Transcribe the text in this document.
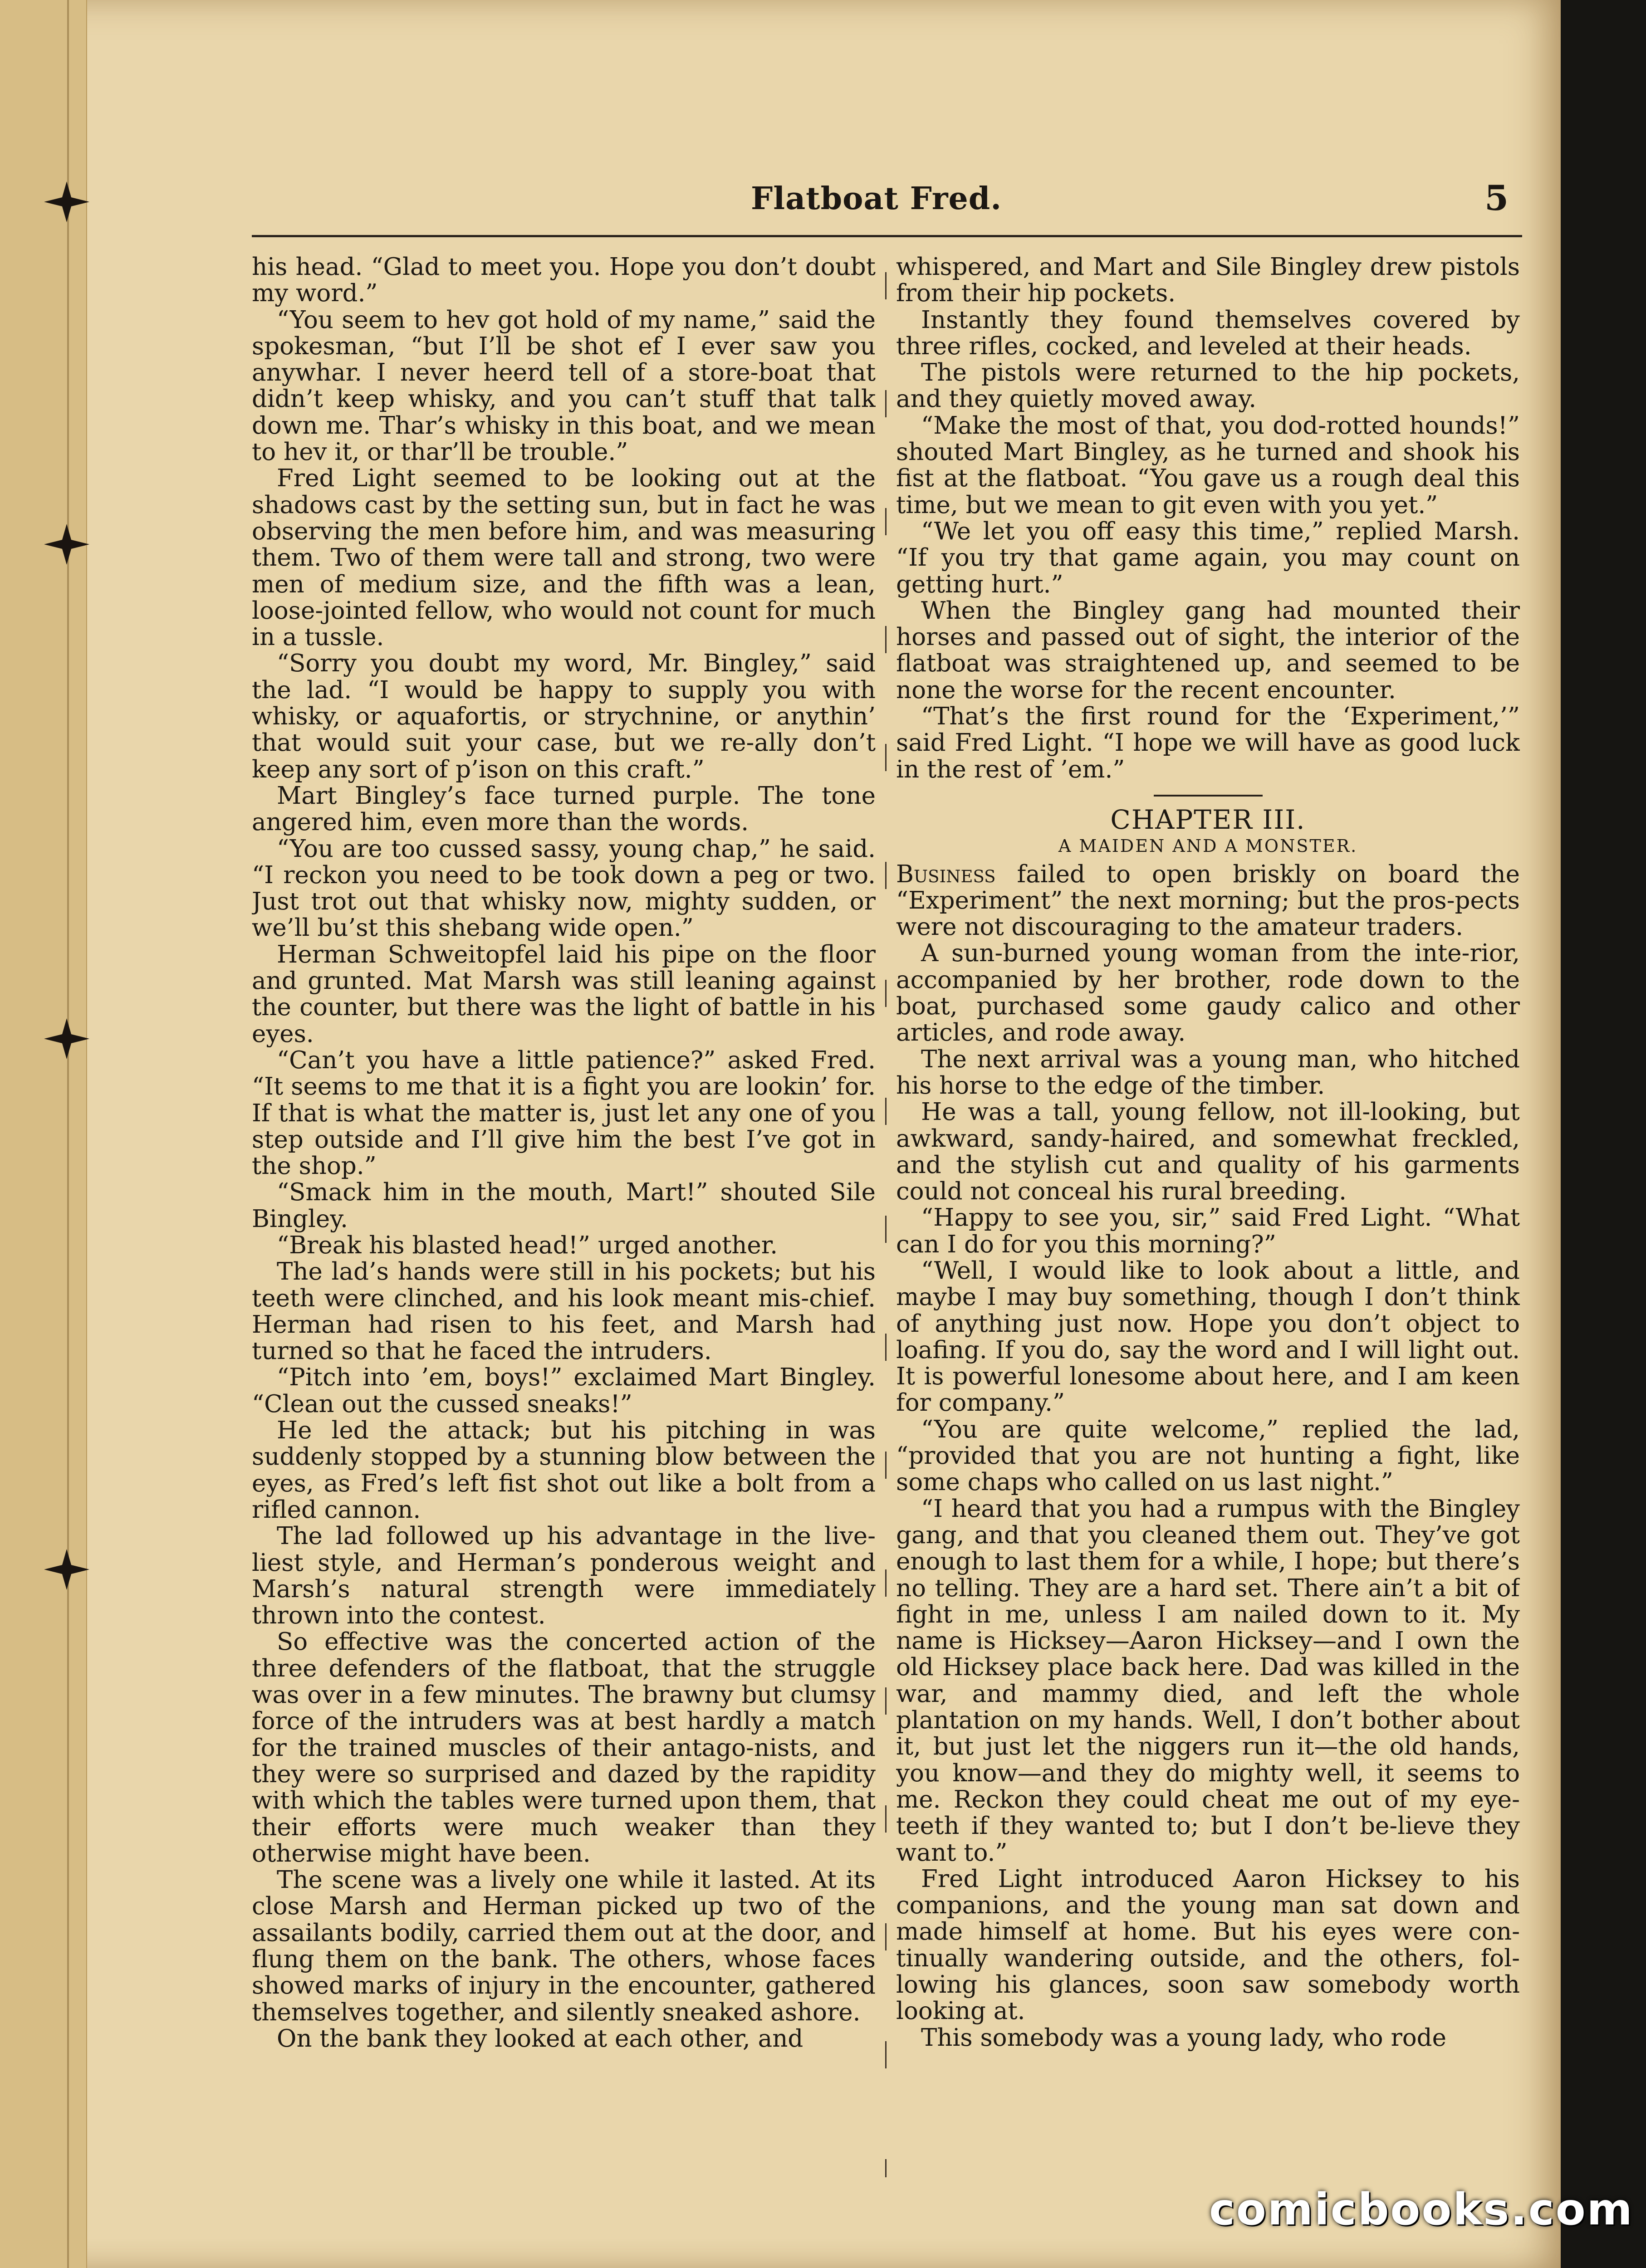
Flatboat Fred.	5

his head. “Glad to meet you. Hope you don’t doubt my word.”

“You seem to hev got hold of my name,” said the spokesman, “but I’ll be shot ef I ever saw you anywhar. I never heerd tell of a store-boat that didn’t keep whisky, and you can’t stuff that talk down me. Thar’s whisky in this boat, and we mean to hev it, or thar’ll be trouble.”

Fred Light seemed to be looking out at the shadows cast by the setting sun, but in fact he was observing the men before him, and was measuring them. Two of them were tall and strong, two were men of medium size, and the fifth was a lean, loose-jointed fellow, who would not count for much in a tussle.

“Sorry you doubt my word, Mr. Bingley,” said the lad. “I would be happy to supply you with whisky, or aquafortis, or strychnine, or anythin’ that would suit your case, but we re-ally don’t keep any sort of p’ison on this craft.”

Mart Bingley’s face turned purple. The tone angered him, even more than the words.

“You are too cussed sassy, young chap,” he said. “I reckon you need to be took down a peg or two. Just trot out that whisky now, mighty sudden, or we’ll bu’st this shebang wide open.”

Herman Schweitopfel laid his pipe on the floor and grunted. Mat Marsh was still leaning against the counter, but there was the light of battle in his eyes.

“Can’t you have a little patience?” asked Fred. “It seems to me that it is a fight you are lookin’ for. If that is what the matter is, just let any one of you step outside and I’ll give him the best I’ve got in the shop.”

“Smack him in the mouth, Mart!” shouted Sile Bingley.

“Break his blasted head!” urged another.

The lad’s hands were still in his pockets; but his teeth were clinched, and his look meant mis-chief. Herman had risen to his feet, and Marsh had turned so that he faced the intruders.

“Pitch into ’em, boys!” exclaimed Mart Bingley. “Clean out the cussed sneaks!”

He led the attack; but his pitching in was suddenly stopped by a stunning blow between the eyes, as Fred’s left fist shot out like a bolt from a rifled cannon.

The lad followed up his advantage in the live-liest style, and Herman’s ponderous weight and Marsh’s natural strength were immediately thrown into the contest.

So effective was the concerted action of the three defenders of the flatboat, that the struggle was over in a few minutes. The brawny but clumsy force of the intruders was at best hardly a match for the trained muscles of their antago-nists, and they were so surprised and dazed by the rapidity with which the tables were turned upon them, that their efforts were much weaker than they otherwise might have been.

The scene was a lively one while it lasted. At its close Marsh and Herman picked up two of the assailants bodily, carried them out at the door, and flung them on the bank. The others, whose faces showed marks of injury in the encounter, gathered themselves together, and silently sneaked ashore.

On the bank they looked at each other, and

whispered, and Mart and Sile Bingley drew pistols from their hip pockets.

Instantly they found themselves covered by three rifles, cocked, and leveled at their heads.

The pistols were returned to the hip pockets, and they quietly moved away.

“Make the most of that, you dod-rotted hounds!” shouted Mart Bingley, as he turned and shook his fist at the flatboat. “You gave us a rough deal this time, but we mean to git even with you yet.”

“We let you off easy this time,” replied Marsh. “If you try that game again, you may count on getting hurt.”

When the Bingley gang had mounted their horses and passed out of sight, the interior of the flatboat was straightened up, and seemed to be none the worse for the recent encounter.

“That’s the first round for the ‘Experiment,’” said Fred Light. “I hope we will have as good luck in the rest of ’em.”

CHAPTER III.
A MAIDEN AND A MONSTER.

Business failed to open briskly on board the “Experiment” the next morning; but the pros-pects were not discouraging to the amateur traders.

A sun-burned young woman from the inte-rior, accompanied by her brother, rode down to the boat, purchased some gaudy calico and other articles, and rode away.

The next arrival was a young man, who hitched his horse to the edge of the timber.

He was a tall, young fellow, not ill-looking, but awkward, sandy-haired, and somewhat freckled, and the stylish cut and quality of his garments could not conceal his rural breeding.

“Happy to see you, sir,” said Fred Light. “What can I do for you this morning?”

“Well, I would like to look about a little, and maybe I may buy something, though I don’t think of anything just now. Hope you don’t object to loafing. If you do, say the word and I will light out. It is powerful lonesome about here, and I am keen for company.”

“You are quite welcome,” replied the lad, “provided that you are not hunting a fight, like some chaps who called on us last night.”

“I heard that you had a rumpus with the Bingley gang, and that you cleaned them out. They’ve got enough to last them for a while, I hope; but there’s no telling. They are a hard set. There ain’t a bit of fight in me, unless I am nailed down to it. My name is Hicksey—Aaron Hicksey—and I own the old Hicksey place back here. Dad was killed in the war, and mammy died, and left the whole plantation on my hands. Well, I don’t bother about it, but just let the niggers run it—the old hands, you know—and they do mighty well, it seems to me. Reckon they could cheat me out of my eye-teeth if they wanted to; but I don’t be-lieve they want to.”

Fred Light introduced Aaron Hicksey to his companions, and the young man sat down and made himself at home. But his eyes were con-tinually wandering outside, and the others, fol-lowing his glances, soon saw somebody worth looking at.

This somebody was a young lady, who rode

comicbooks.com
